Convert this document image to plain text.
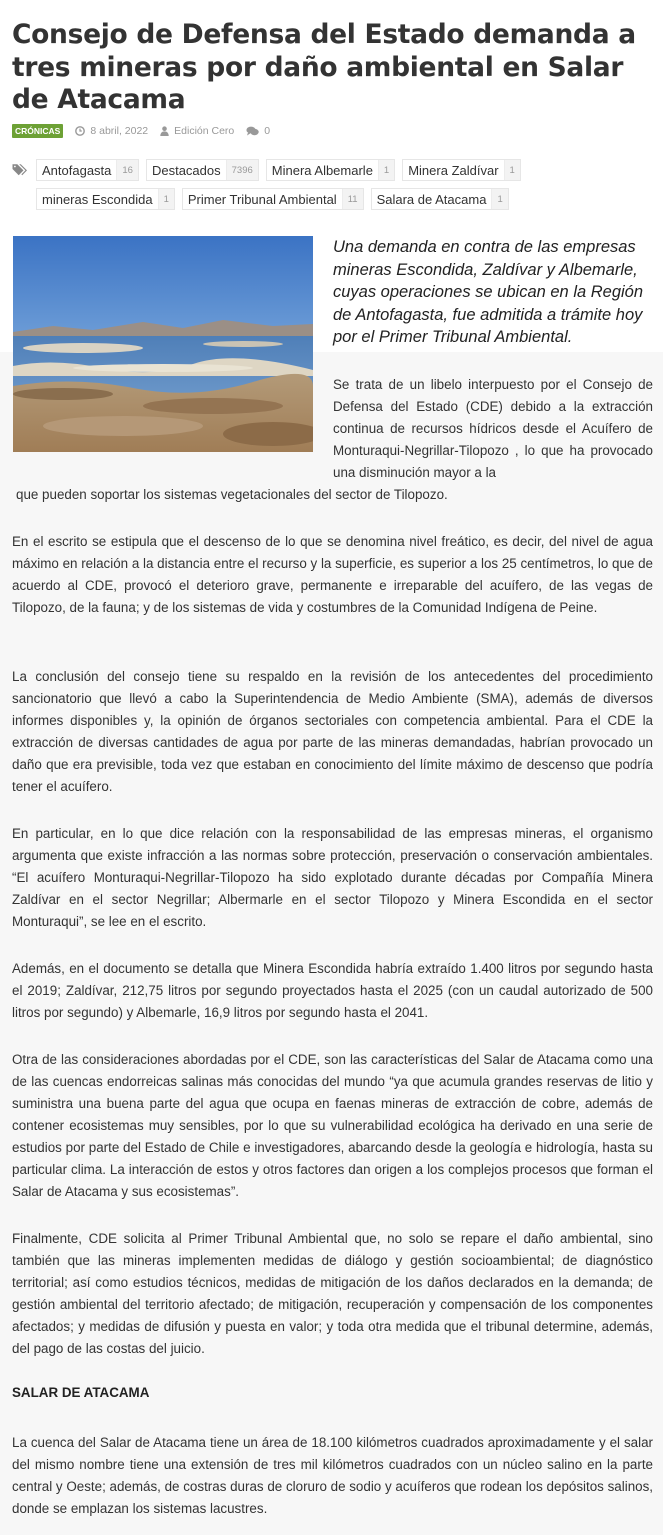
Consejo de Defensa del Estado demanda a tres mineras por daño ambiental en Salar de Atacama
CRÓNICAS	8 abril, 2022 Edición Cero	0
Antofagasta	16	Destacados	7396	Minera Albemarle	1	Minera Zaldívar	1
mineras Escondida	1	Primer Tribunal Ambiental	11	Salara de Atacama	1

Una demanda en contra de las empresas mineras Escondida, Zaldívar y Albemarle, cuyas operaciones se ubican en la Región de Antofagasta, fue admitida a trámite hoy por el Primer Tribunal Ambiental.

Se trata de un libelo interpuesto por el Consejo de Defensa del Estado (CDE) debido a la extracción continua de recursos hídricos desde el Acuífero de Monturaqui-Negrillar-Tilopozo , lo que ha provocado una disminución mayor a la

que pueden soportar los sistemas vegetacionales del sector de Tilopozo.

En el escrito se estipula que el descenso de lo que se denomina nivel freático, es decir, del nivel de agua máximo en relación a la distancia entre el recurso y la superficie, es superior a los 25 centímetros, lo que de acuerdo al CDE, provocó el deterioro grave, permanente e irreparable del acuífero, de las vegas de Tilopozo, de la fauna; y de los sistemas de vida y costumbres de la Comunidad Indígena de Peine.

La conclusión del consejo tiene su respaldo en la revisión de los antecedentes del procedimiento sancionatorio que llevó a cabo la Superintendencia de Medio Ambiente (SMA), además de diversos informes disponibles y, la opinión de órganos sectoriales con competencia ambiental. Para el CDE la extracción de diversas cantidades de agua por parte de las mineras demandadas, habrían provocado un daño que era previsible, toda vez que estaban en conocimiento del límite máximo de descenso que podría tener el acuífero.

En particular, en lo que dice relación con la responsabilidad de las empresas mineras, el organismo argumenta que existe infracción a las normas sobre protección, preservación o conservación ambientales. “El acuífero Monturaqui-Negrillar-Tilopozo ha sido explotado durante décadas por Compañía Minera Zaldívar en el sector Negrillar; Albermarle en el sector Tilopozo y Minera Escondida en el sector Monturaqui”, se lee en el escrito.

Además, en el documento se detalla que Minera Escondida habría extraído 1.400 litros por segundo hasta el 2019; Zaldívar, 212,75 litros por segundo proyectados hasta el 2025 (con un caudal autorizado de 500 litros por segundo) y Albemarle, 16,9 litros por segundo hasta el 2041.

Otra de las consideraciones abordadas por el CDE, son las características del Salar de Atacama como una de las cuencas endorreicas salinas más conocidas del mundo “ya que acumula grandes reservas de litio y suministra una buena parte del agua que ocupa en faenas mineras de extracción de cobre, además de contener ecosistemas muy sensibles, por lo que su vulnerabilidad ecológica ha derivado en una serie de estudios por parte del Estado de Chile e investigadores, abarcando desde la geología e hidrología, hasta su particular clima. La interacción de estos y otros factores dan origen a los complejos procesos que forman el Salar de Atacama y sus ecosistemas”.

Finalmente, CDE solicita al Primer Tribunal Ambiental que, no solo se repare el daño ambiental, sino también que las mineras implementen medidas de diálogo y gestión socioambiental; de diagnóstico territorial; así como estudios técnicos, medidas de mitigación de los daños declarados en la demanda; de gestión ambiental del territorio afectado; de mitigación, recuperación y compensación de los componentes afectados; y medidas de difusión y puesta en valor; y toda otra medida que el tribunal determine, además, del pago de las costas del juicio.

SALAR DE ATACAMA

La cuenca del Salar de Atacama tiene un área de 18.100 kilómetros cuadrados aproximadamente y el salar del mismo nombre tiene una extensión de tres mil kilómetros cuadrados con un núcleo salino en la parte central y Oeste; además, de costras duras de cloruro de sodio y acuíferos que rodean los depósitos salinos, donde se emplazan los sistemas lacustres.
